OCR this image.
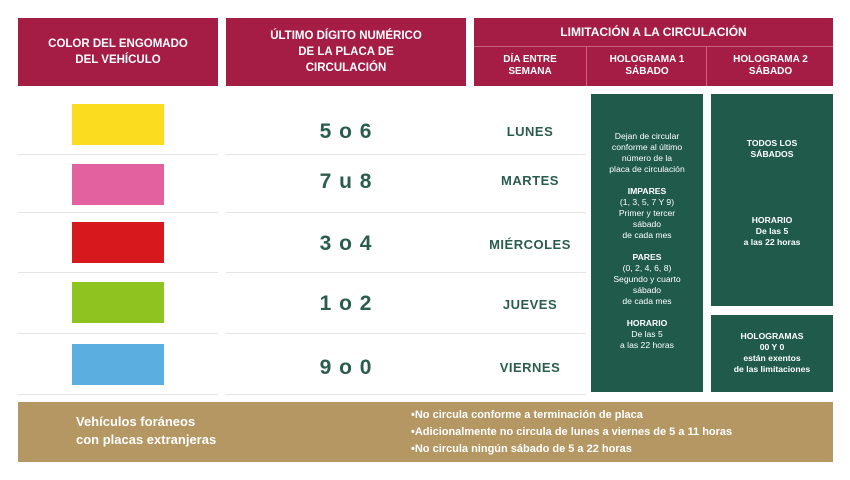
COLOR DEL ENGOMADO
DEL VEHÍCULO
ÚLTIMO DÍGITO NUMÉRICO
DE LA PLACA DE
CIRCULACIÓN
LIMITACIÓN A LA CIRCULACIÓN
DÍA ENTRE
SEMANA
HOLOGRAMA 1
SÁBADO
HOLOGRAMA 2
SÁBADO
5 o 6	LUNES
7 u 8	MARTES
3 o 4	MIÉRCOLES
1 o 2	JUEVES
9 o 0	VIERNES
Dejan de circular
conforme al último
número de la
placa de circulación
IMPARES
(1, 3, 5, 7 Y 9)
Primer y tercer
sábado
de cada mes
PARES
(0, 2, 4, 6, 8)
Segundo y cuarto
sábado
de cada mes
HORARIO
De las 5
a las 22 horas
TODOS LOS
SÁBADOS
HORARIO
De las 5
a las 22 horas
HOLOGRAMAS
00 Y 0
están exentos
de las limitaciones
Vehículos foráneos
con placas extranjeras
•No circula conforme a terminación de placa
•Adicionalmente no circula de lunes a viernes de 5 a 11 horas
•No circula ningún sábado de 5 a 22 horas
